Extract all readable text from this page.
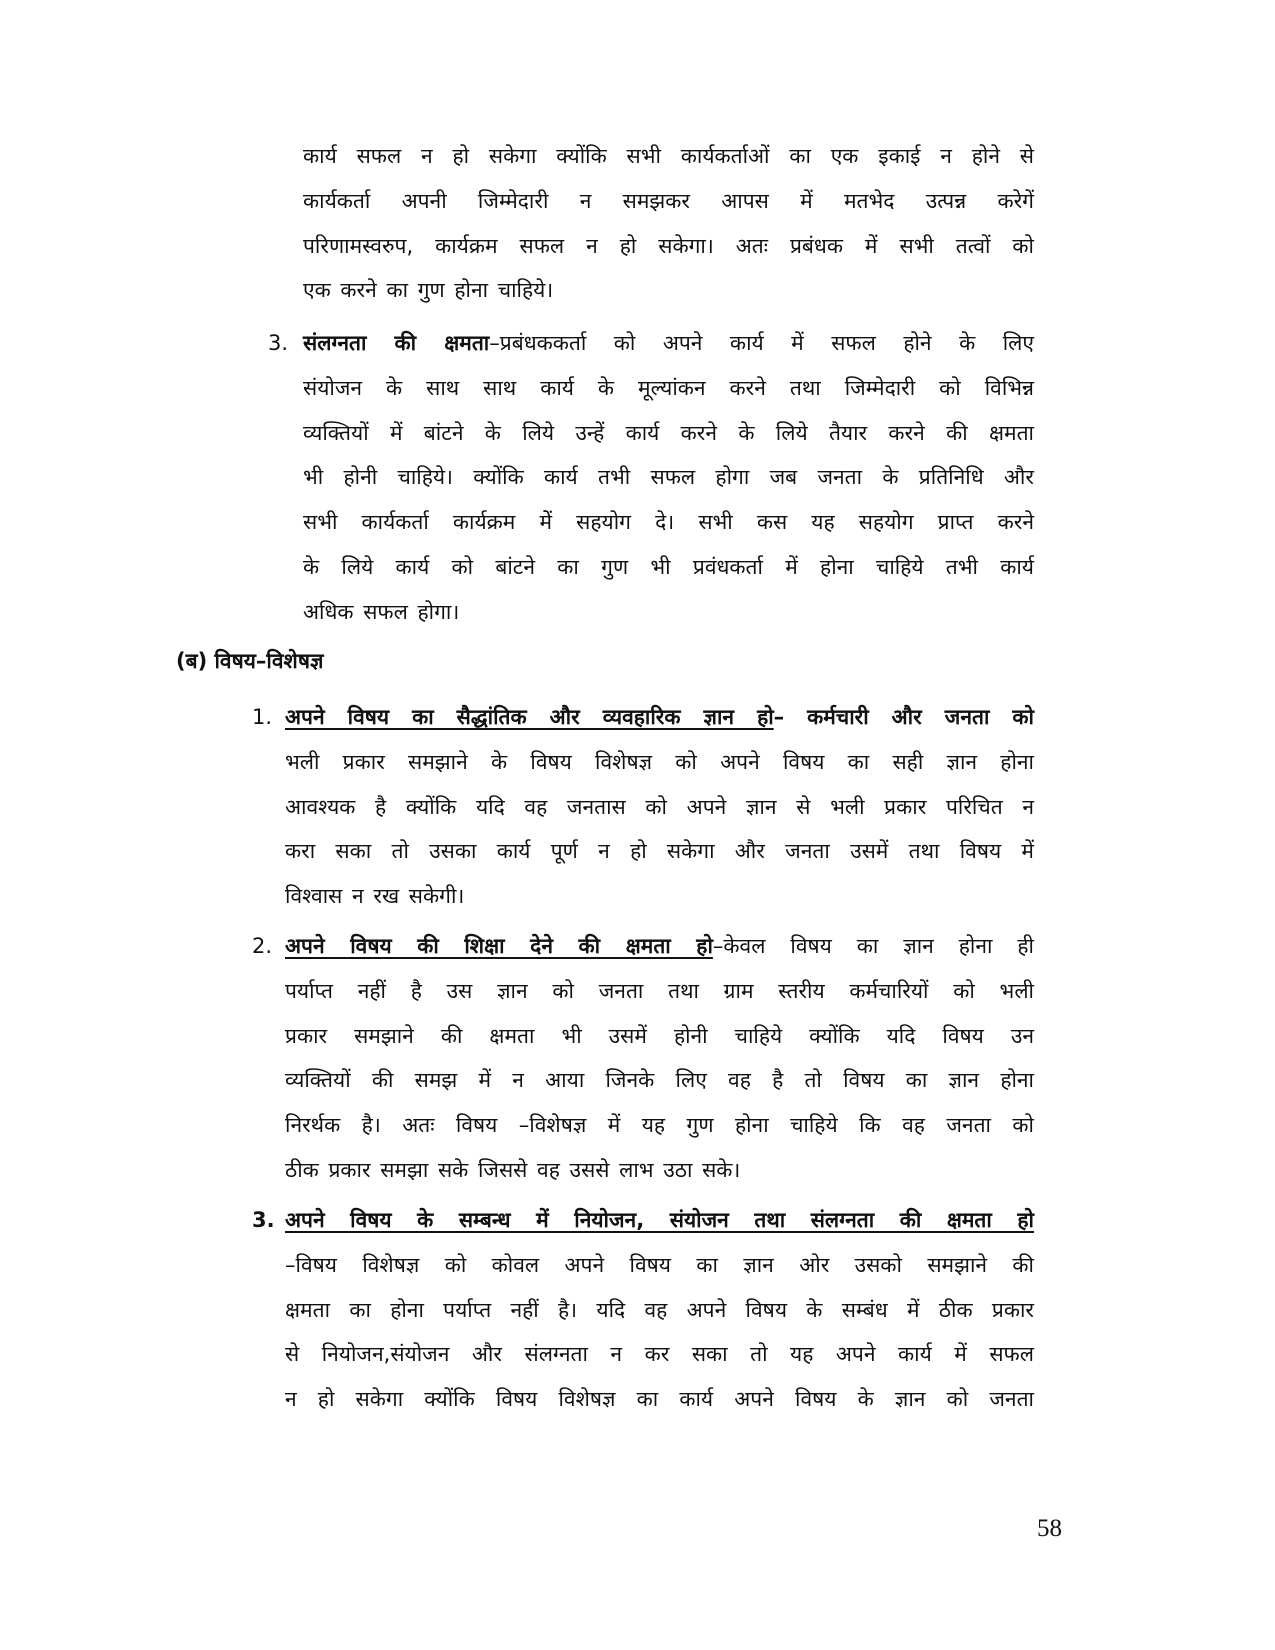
कार्य सफल न हो सकेगा क्योंकि सभी कार्यकर्ताओं का एक इकाई न होने से
कार्यकर्ता अपनी जिम्मेदारी न समझकर आपस में मतभेद उत्पन्न करेगें
परिणामस्वरुप, कार्यक्रम सफल न हो सकेगा। अतः प्रबंधक में सभी तत्वों को
एक करने का गुण होना चाहिये।
3. संलग्नता की क्षमता–प्रबंधककर्ता को अपने कार्य में सफल होने के लिए
संयोजन के साथ साथ कार्य के मूल्यांकन करने तथा जिम्मेदारी को विभिन्न
व्यक्तियों में बांटने के लिये उन्हें कार्य करने के लिये तैयार करने की क्षमता
भी होनी चाहिये। क्योंकि कार्य तभी सफल होगा जब जनता के प्रतिनिधि और
सभी कार्यकर्ता कार्यक्रम मेें सहयोग दे। सभी कस यह सहयोग प्राप्त करने
के लिये कार्य को बांटने का गुण भी प्रवंधकर्ता में होना चाहिये तभी कार्य
अधिक सफल होगा।
(ब) विषय–विशेषज्ञ
1. अपने विषय का सैद्धांतिक और व्यवहारिक ज्ञान हो– कर्मचारी और जनता को
भली प्रकार समझाने के विषय विशेषज्ञ को अपने विषय का सही ज्ञान होना
आवश्यक है क्योंकि यदि वह जनतास को अपने ज्ञान से भली प्रकार परिचित न
करा सका तो उसका कार्य पूर्ण न हो सकेगा और जनता उसमें तथा विषय में
विश्वास न रख सकेगी।
2. अपने विषय की शिक्षा देने की क्षमता हो–केवल विषय का ज्ञान होना ही
पर्याप्त नहीं है उस ज्ञान को जनता तथा ग्राम स्तरीय कर्मचारियों को भली
प्रकार समझाने की क्षमता भी उसमें होनी चाहिये क्योंकि यदि विषय उन
व्यक्तियों की समझ में न आया जिनके लिए वह है तो विषय का ज्ञान होना
निरर्थक है। अतः विषय –विशेषज्ञ में यह गुण होना चाहिये कि वह जनता को
ठीक प्रकार समझा सके जिससे वह उससे लाभ उठा सके।
3. अपने विषय के सम्बन्ध में नियोजन, संयोजन तथा संलग्नता की क्षमता हो
–विषय विशेषज्ञ को कोवल अपने विषय का ज्ञान ओर उसको समझाने की
क्षमता का होना पर्याप्त नहीं है। यदि वह अपने विषय के सम्बंध में ठीक प्रकार
से नियोजन,संयोजन और संलग्नता न कर सका तो यह अपने कार्य में सफल
न हो सकेगा क्योंकि विषय विशेषज्ञ का कार्य अपने विषय के ज्ञान को जनता
58
